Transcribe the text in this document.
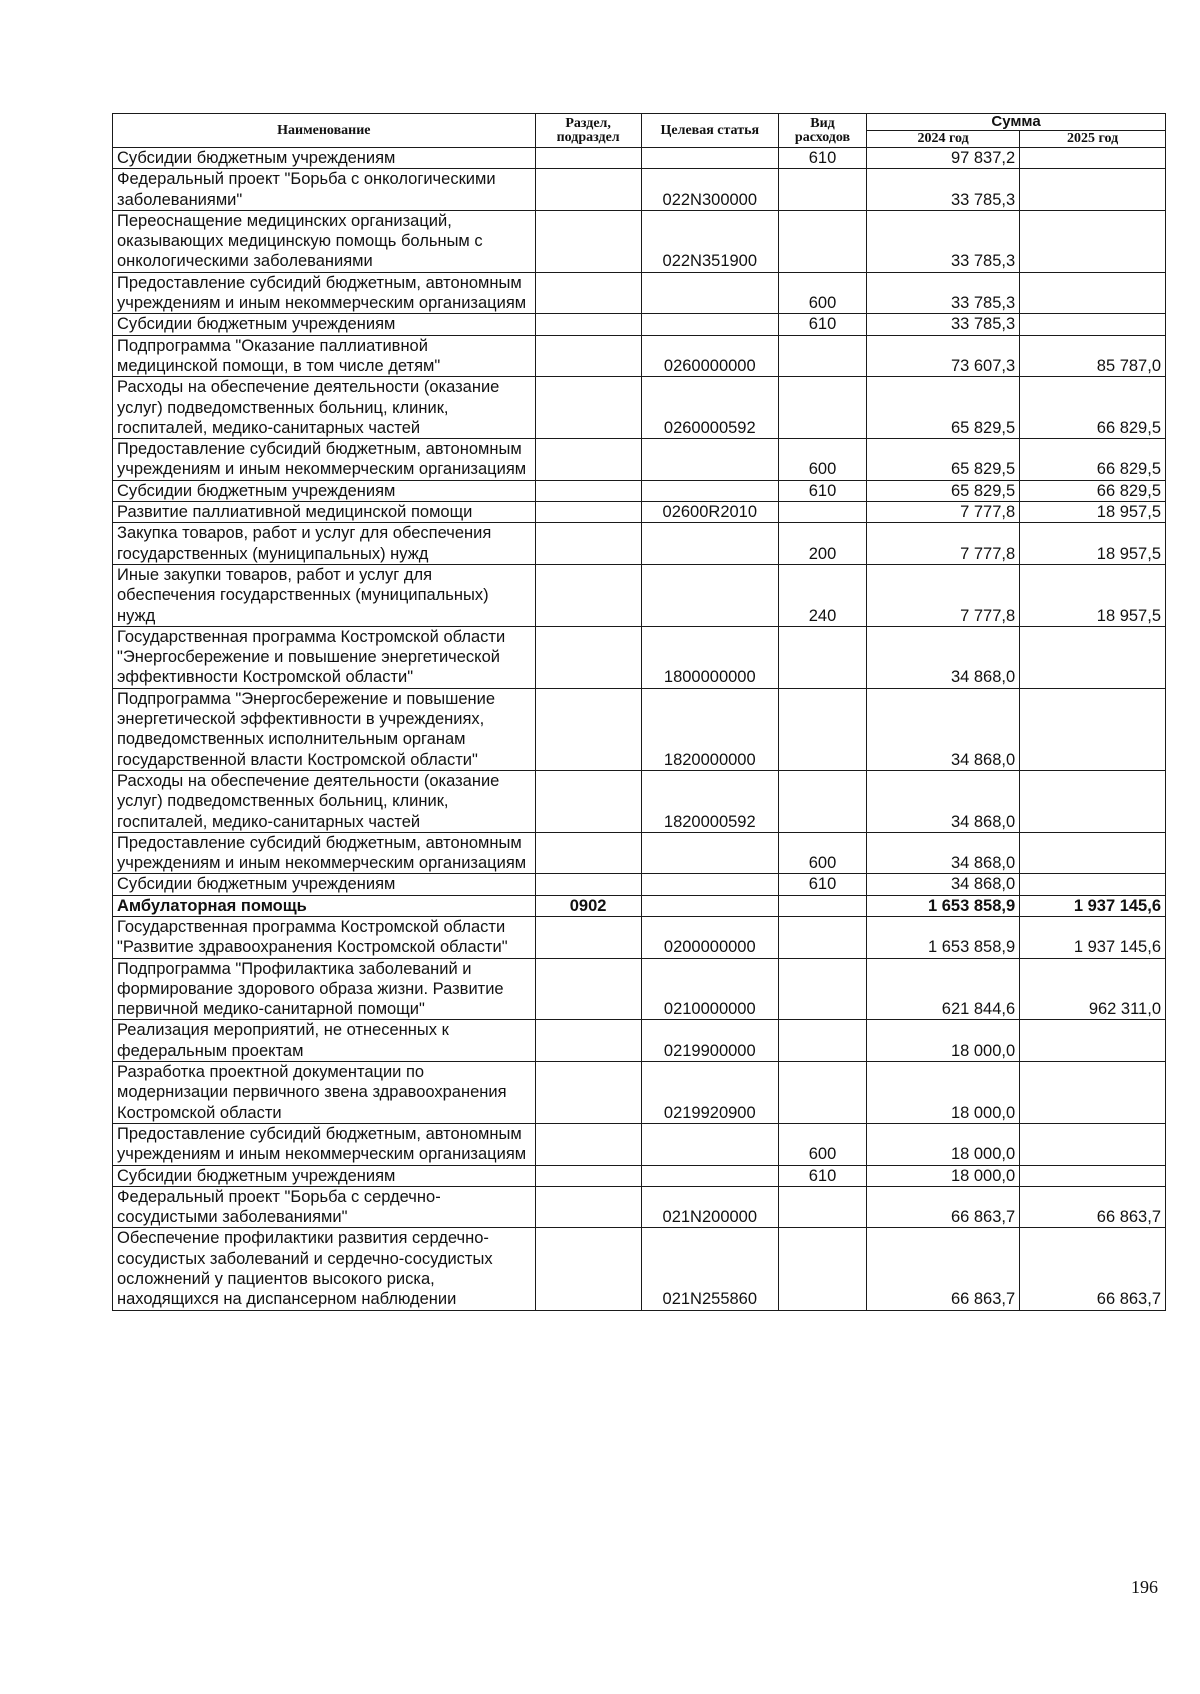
Наименование	Раздел, подраздел	Целевая статья	Вид расходов	Сумма	
				2024 год	2025 год
Субсидии бюджетным учреждениям			610	97 837,2	
Федеральный проект "Борьба с онкологическими заболеваниями"		022N300000		33 785,3	
Переоснащение медицинских организаций, оказывающих медицинскую помощь больным с онкологическими заболеваниями		022N351900		33 785,3	
Предоставление субсидий бюджетным, автономным учреждениям и иным некоммерческим организациям			600	33 785,3	
Субсидии бюджетным учреждениям			610	33 785,3	
Подпрограмма "Оказание паллиативной медицинской помощи, в том числе детям"		0260000000		73 607,3	85 787,0
Расходы на обеспечение деятельности (оказание услуг) подведомственных больниц, клиник, госпиталей, медико-санитарных частей		0260000592		65 829,5	66 829,5
Предоставление субсидий бюджетным, автономным учреждениям и иным некоммерческим организациям			600	65 829,5	66 829,5
Субсидии бюджетным учреждениям			610	65 829,5	66 829,5
Развитие паллиативной медицинской помощи		02600R2010		7 777,8	18 957,5
Закупка товаров, работ и услуг для обеспечения государственных (муниципальных) нужд			200	7 777,8	18 957,5
Иные закупки товаров, работ и услуг для обеспечения государственных (муниципальных) нужд			240	7 777,8	18 957,5
Государственная программа Костромской области "Энергосбережение и повышение энергетической эффективности Костромской области"		1800000000		34 868,0	
Подпрограмма "Энергосбережение и повышение энергетической эффективности в учреждениях, подведомственных исполнительным органам государственной власти Костромской области"		1820000000		34 868,0	
Расходы на обеспечение деятельности (оказание услуг) подведомственных больниц, клиник, госпиталей, медико-санитарных частей		1820000592		34 868,0	
Предоставление субсидий бюджетным, автономным учреждениям и иным некоммерческим организациям			600	34 868,0	
Субсидии бюджетным учреждениям			610	34 868,0	
Амбулаторная помощь	0902			1 653 858,9	1 937 145,6
Государственная программа Костромской области "Развитие здравоохранения Костромской области"		0200000000		1 653 858,9	1 937 145,6
Подпрограмма "Профилактика заболеваний и формирование здорового образа жизни. Развитие первичной медико-санитарной помощи"		0210000000		621 844,6	962 311,0
Реализация мероприятий, не отнесенных к федеральным проектам		0219900000		18 000,0	
Разработка проектной документации по модернизации первичного звена здравоохранения Костромской области		0219920900		18 000,0	
Предоставление субсидий бюджетным, автономным учреждениям и иным некоммерческим организациям			600	18 000,0	
Субсидии бюджетным учреждениям			610	18 000,0	
Федеральный проект "Борьба с сердечно-сосудистыми заболеваниями"		021N200000		66 863,7	66 863,7
Обеспечение профилактики развития сердечно-сосудистых заболеваний и сердечно-сосудистых осложнений у пациентов высокого риска, находящихся на диспансерном наблюдении		021N255860		66 863,7	66 863,7
196
